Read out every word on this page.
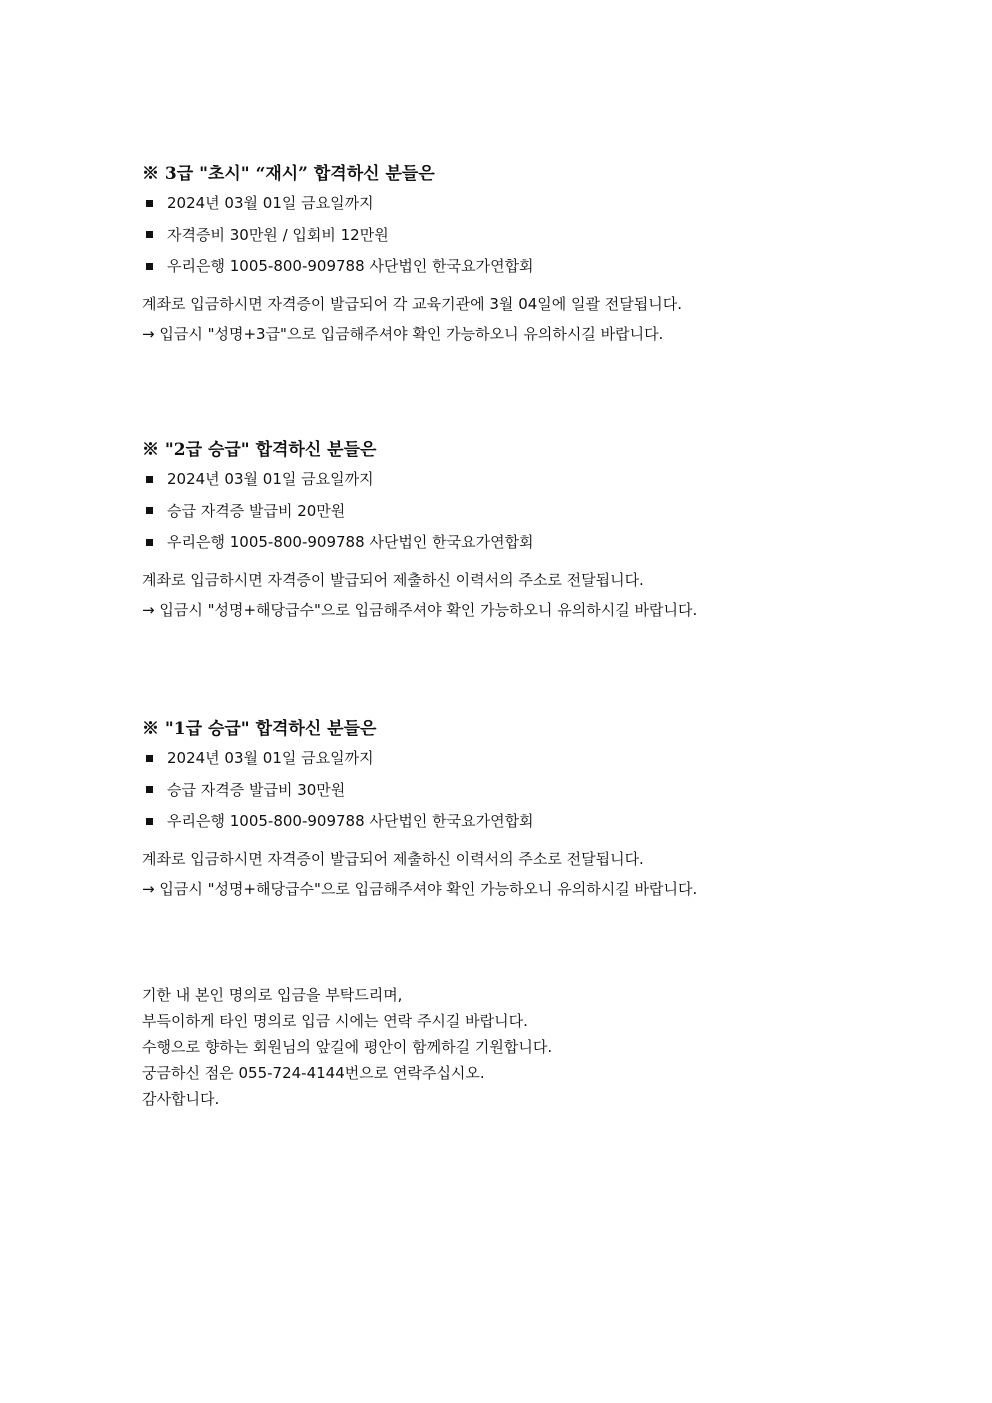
※ 3급 "초시" “재시” 합격하신 분들은
2024년 03월 01일 금요일까지
자격증비 30만원 / 입회비 12만원
우리은행 1005-800-909788 사단법인 한국요가연합회

계좌로 입금하시면 자격증이 발급되어 각 교육기관에 3월 04일에 일괄 전달됩니다.

→ 입금시 "성명+3급"으로 입금해주셔야 확인 가능하오니 유의하시길 바랍니다.

※ "2급 승급" 합격하신 분들은
2024년 03월 01일 금요일까지
승급 자격증 발급비 20만원
우리은행 1005-800-909788 사단법인 한국요가연합회

계좌로 입금하시면 자격증이 발급되어 제출하신 이력서의 주소로 전달됩니다.

→ 입금시 "성명+해당급수"으로 입금해주셔야 확인 가능하오니 유의하시길 바랍니다.

※ "1급 승급" 합격하신 분들은
2024년 03월 01일 금요일까지
승급 자격증 발급비 30만원
우리은행 1005-800-909788 사단법인 한국요가연합회

계좌로 입금하시면 자격증이 발급되어 제출하신 이력서의 주소로 전달됩니다.

→ 입금시 "성명+해당급수"으로 입금해주셔야 확인 가능하오니 유의하시길 바랍니다.

기한 내 본인 명의로 입금을 부탁드리며,

부득이하게 타인 명의로 입금 시에는 연락 주시길 바랍니다.

수행으로 향하는 회원님의 앞길에 평안이 함께하길 기원합니다.

궁금하신 점은 055-724-4144번으로 연락주십시오.

감사합니다.
